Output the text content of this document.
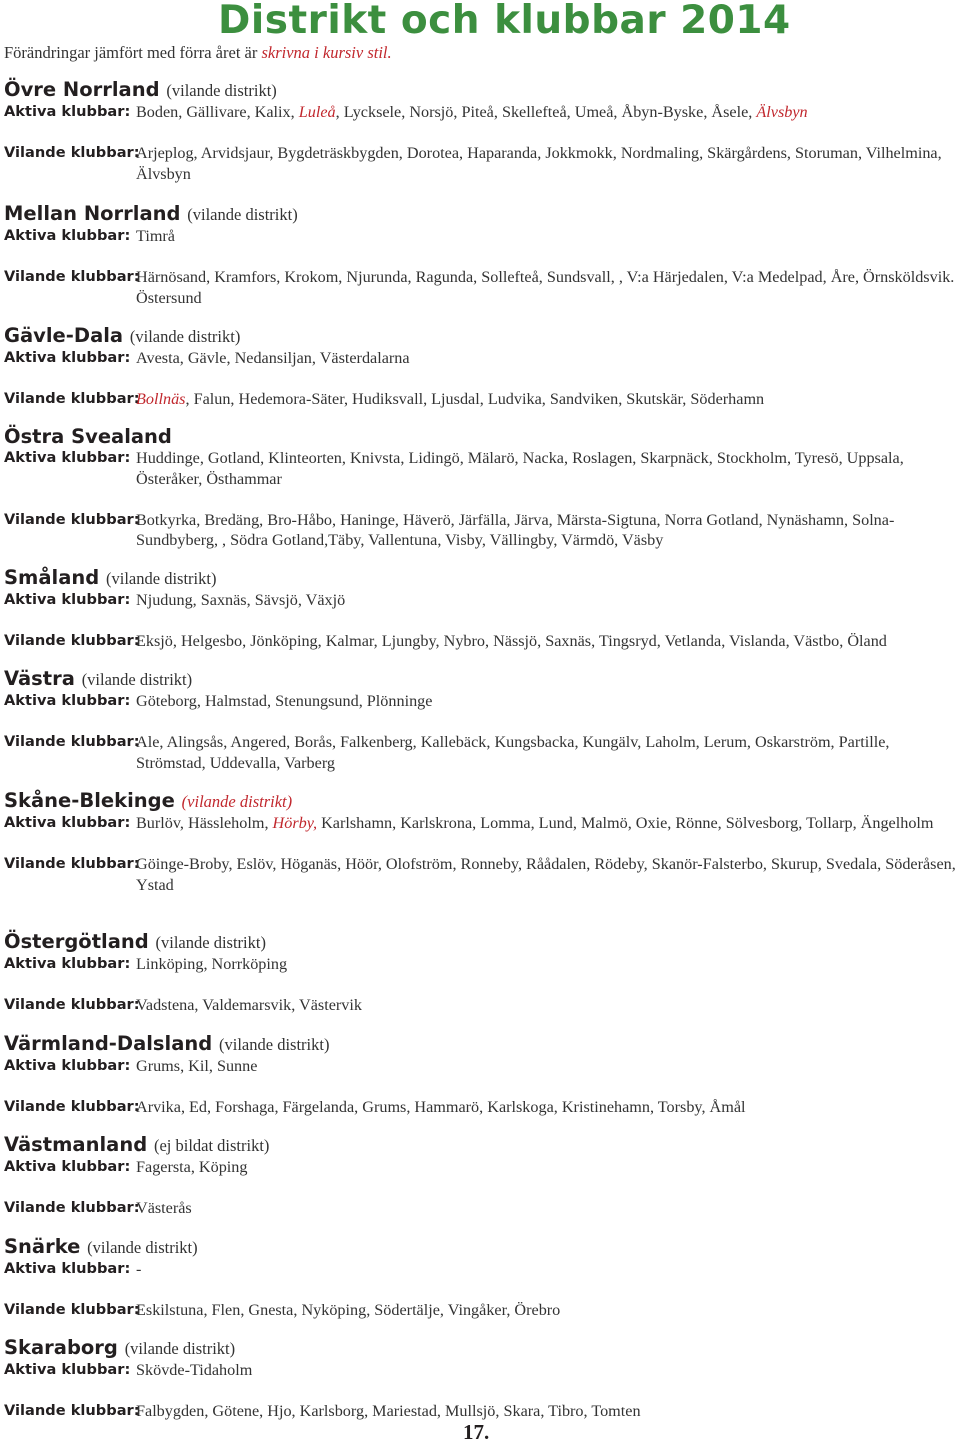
Distrikt och klubbar 2014
Förändringar jämfört med förra året är skrivna i kursiv stil.
Övre Norrland (vilande distrikt)
Aktiva klubbar: Boden, Gällivare, Kalix, Luleå, Lycksele, Norsjö, Piteå, Skellefteå, Umeå, Åbyn-Byske, Åsele, Älvsbyn
Vilande klubbar:
Arjeplog, Arvidsjaur, Bygdeträskbygden, Dorotea, Haparanda, Jokkmokk, Nordmaling, Skärgårdens, Storuman, Vilhelmina, Älvsbyn
Mellan Norrland (vilande distrikt)
Aktiva klubbar: Timrå
Vilande klubbar:
Härnösand, Kramfors, Krokom, Njurunda, Ragunda, Sollefteå, Sundsvall, , V:a Härjedalen, V:a Medelpad, Åre, Örnsköldsvik. Östersund
Gävle-Dala (vilande distrikt)
Aktiva klubbar: Avesta, Gävle, Nedansiljan, Västerdalarna
Vilande klubbar:
Bollnäs, Falun, Hedemora-Säter, Hudiksvall, Ljusdal, Ludvika, Sandviken, Skutskär, Söderhamn
Östra Svealand
Aktiva klubbar: Huddinge, Gotland, Klinteorten, Knivsta, Lidingö, Mälarö, Nacka, Roslagen, Skarpnäck, Stockholm, Tyresö, Uppsala, Österåker, Östhammar
Vilande klubbar:
Botkyrka, Bredäng, Bro-Håbo, Haninge, Häverö, Järfälla, Järva, Märsta-Sigtuna, Norra Gotland, Nynäshamn, Solna-Sundbyberg, , Södra Gotland,Täby, Vallentuna, Visby, Vällingby, Värmdö, Väsby
Småland (vilande distrikt)
Aktiva klubbar: Njudung, Saxnäs, Sävsjö, Växjö
Vilande klubbar:
Eksjö, Helgesbo, Jönköping, Kalmar, Ljungby, Nybro, Nässjö, Saxnäs, Tingsryd, Vetlanda, Vislanda, Västbo, Öland
Västra (vilande distrikt)
Aktiva klubbar: Göteborg, Halmstad, Stenungsund, Plönninge
Vilande klubbar:
Ale, Alingsås, Angered, Borås, Falkenberg, Kallebäck, Kungsbacka, Kungälv, Laholm, Lerum, Oskarström, Partille, Strömstad, Uddevalla, Varberg
Skåne-Blekinge (vilande distrikt)
Aktiva klubbar: Burlöv, Hässleholm, Hörby, Karlshamn, Karlskrona, Lomma, Lund, Malmö, Oxie, Rönne, Sölvesborg, Tollarp, Ängelholm
Vilande klubbar:
Göinge-Broby, Eslöv, Höganäs, Höör, Olofström, Ronneby, Råådalen, Rödeby, Skanör-Falsterbo, Skurup, Svedala, Söderåsen, Ystad
Östergötland (vilande distrikt)
Aktiva klubbar: Linköping, Norrköping
Vilande klubbar:
Vadstena, Valdemarsvik, Västervik
Värmland-Dalsland (vilande distrikt)
Aktiva klubbar: Grums, Kil, Sunne
Vilande klubbar:
Arvika, Ed, Forshaga, Färgelanda, Grums, Hammarö, Karlskoga, Kristinehamn, Torsby, Åmål
Västmanland (ej bildat distrikt)
Aktiva klubbar: Fagersta, Köping
Vilande klubbar:
Västerås
Snärke (vilande distrikt)
Aktiva klubbar: -
Vilande klubbar:
Eskilstuna, Flen, Gnesta, Nyköping, Södertälje, Vingåker, Örebro
Skaraborg (vilande distrikt)
Aktiva klubbar: Skövde-Tidaholm
Vilande klubbar:
Falbygden, Götene, Hjo, Karlsborg, Mariestad, Mullsjö, Skara, Tibro, Tomten
17.
